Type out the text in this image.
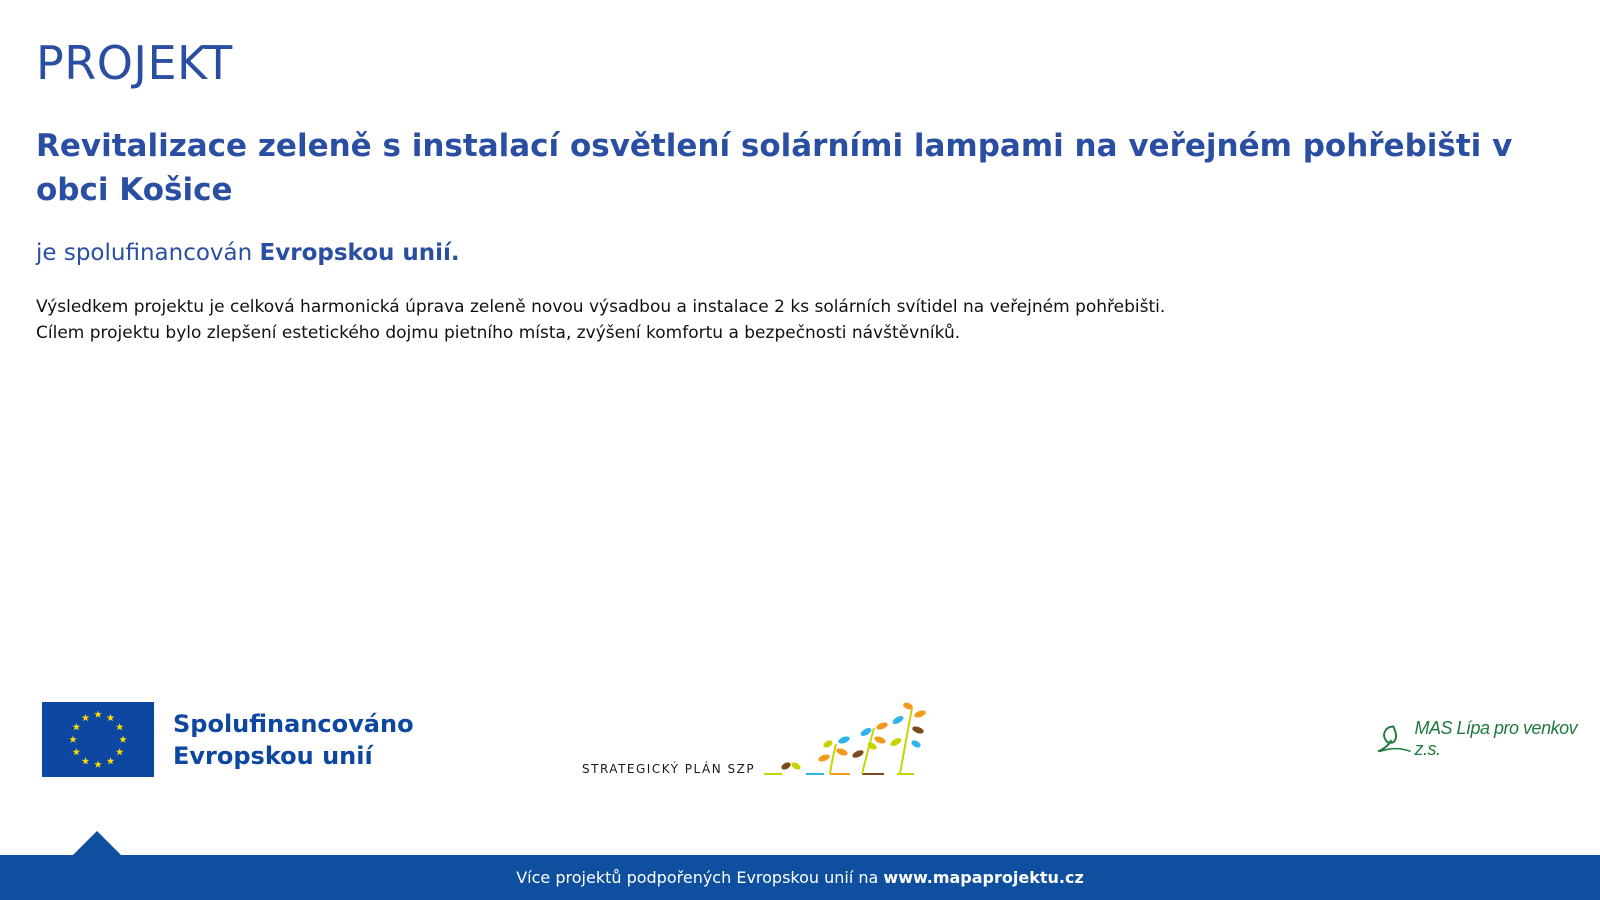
PROJEKT
Revitalizace zeleně s instalací osvětlení solárními lampami na veřejném pohřebišti v obci Košice
je spolufinancován Evropskou unií.

Výsledkem projektu je celková harmonická úprava zeleně novou výsadbou a instalace 2 ks solárních svítidel na veřejném pohřebišti.

Cílem projektu bylo zlepšení estetického dojmu pietního místa, zvýšení komfortu a bezpečnosti návštěvníků.

Spolufinancováno
Evropskou unií	STRATEGICKÝ PLÁN SZP
MAS Lípa pro venkov z.s.
Více projektů podpořených Evropskou unií na www.mapaprojektu.cz
